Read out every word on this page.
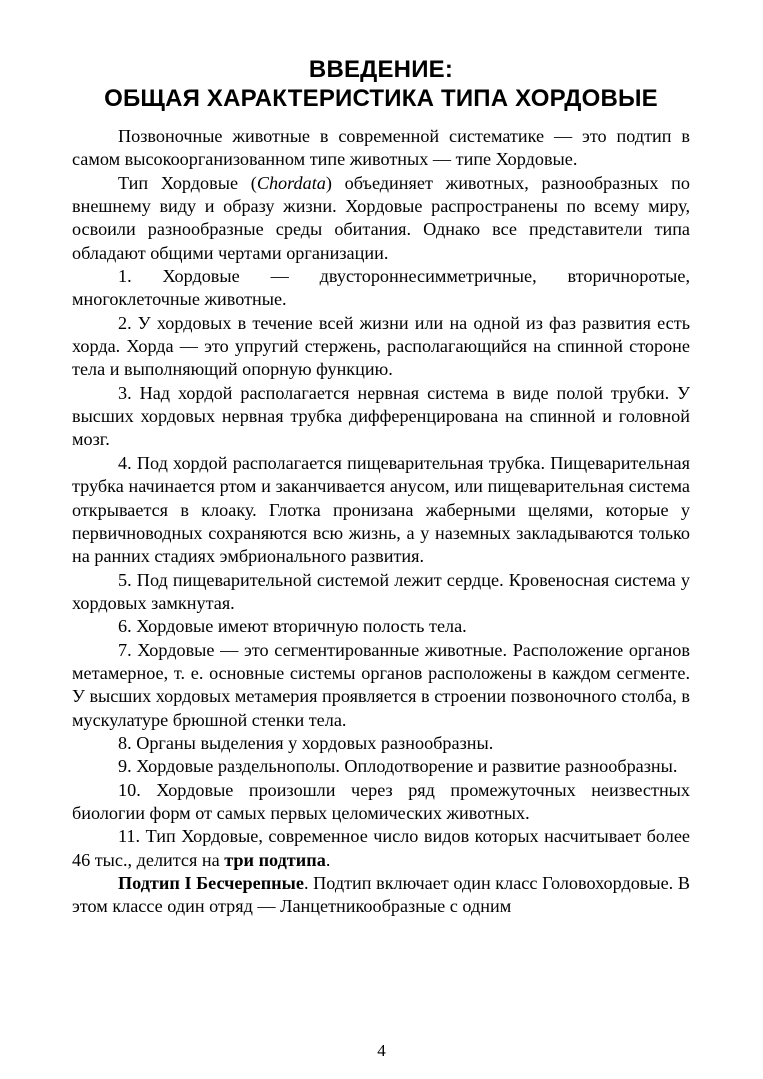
ВВЕДЕНИЕ:
ОБЩАЯ ХАРАКТЕРИСТИКА ТИПА ХОРДОВЫЕ

Позвоночные животные в современной систематике — это подтип в самом высокоорганизованном типе животных — типе Хордовые.

Тип Хордовые (Chordata) объединяет животных, разнообразных по внешнему виду и образу жизни. Хордовые распространены по всему миру, освоили разнообразные среды обитания. Однако все представители типа обладают общими чертами организации.

1. Хордовые — двустороннесимметричные, вторичноротые, многоклеточные животные.

2. У хордовых в течение всей жизни или на одной из фаз развития есть хорда. Хорда — это упругий стержень, располагающийся на спинной стороне тела и выполняющий опорную функцию.

3. Над хордой располагается нервная система в виде полой трубки. У высших хордовых нервная трубка дифференцирована на спинной и головной мозг.

4. Под хордой располагается пищеварительная трубка. Пищеварительная трубка начинается ртом и заканчивается анусом, или пищеварительная система открывается в клоаку. Глотка пронизана жаберными щелями, которые у первичноводных сохраняются всю жизнь, а у наземных закладываются только на ранних стадиях эмбрионального развития.

5. Под пищеварительной системой лежит сердце. Кровеносная система у хордовых замкнутая.

6. Хордовые имеют вторичную полость тела.

7. Хордовые — это сегментированные животные. Расположение органов метамерное, т. е. основные системы органов расположены в каждом сегменте. У высших хордовых метамерия проявляется в строении позвоночного столба, в мускулатуре брюшной стенки тела.

8. Органы выделения у хордовых разнообразны.

9. Хордовые раздельнополы. Оплодотворение и развитие разнообразны.

10. Хордовые произошли через ряд промежуточных неизвестных биологии форм от самых первых целомических животных.

11. Тип Хордовые, современное число видов которых насчитывает более 46 тыс., делится на три подтипа.

Подтип I Бесчерепные. Подтип включает один класс Головохордовые. В этом классе один отряд — Ланцетникообразные с одним

4
